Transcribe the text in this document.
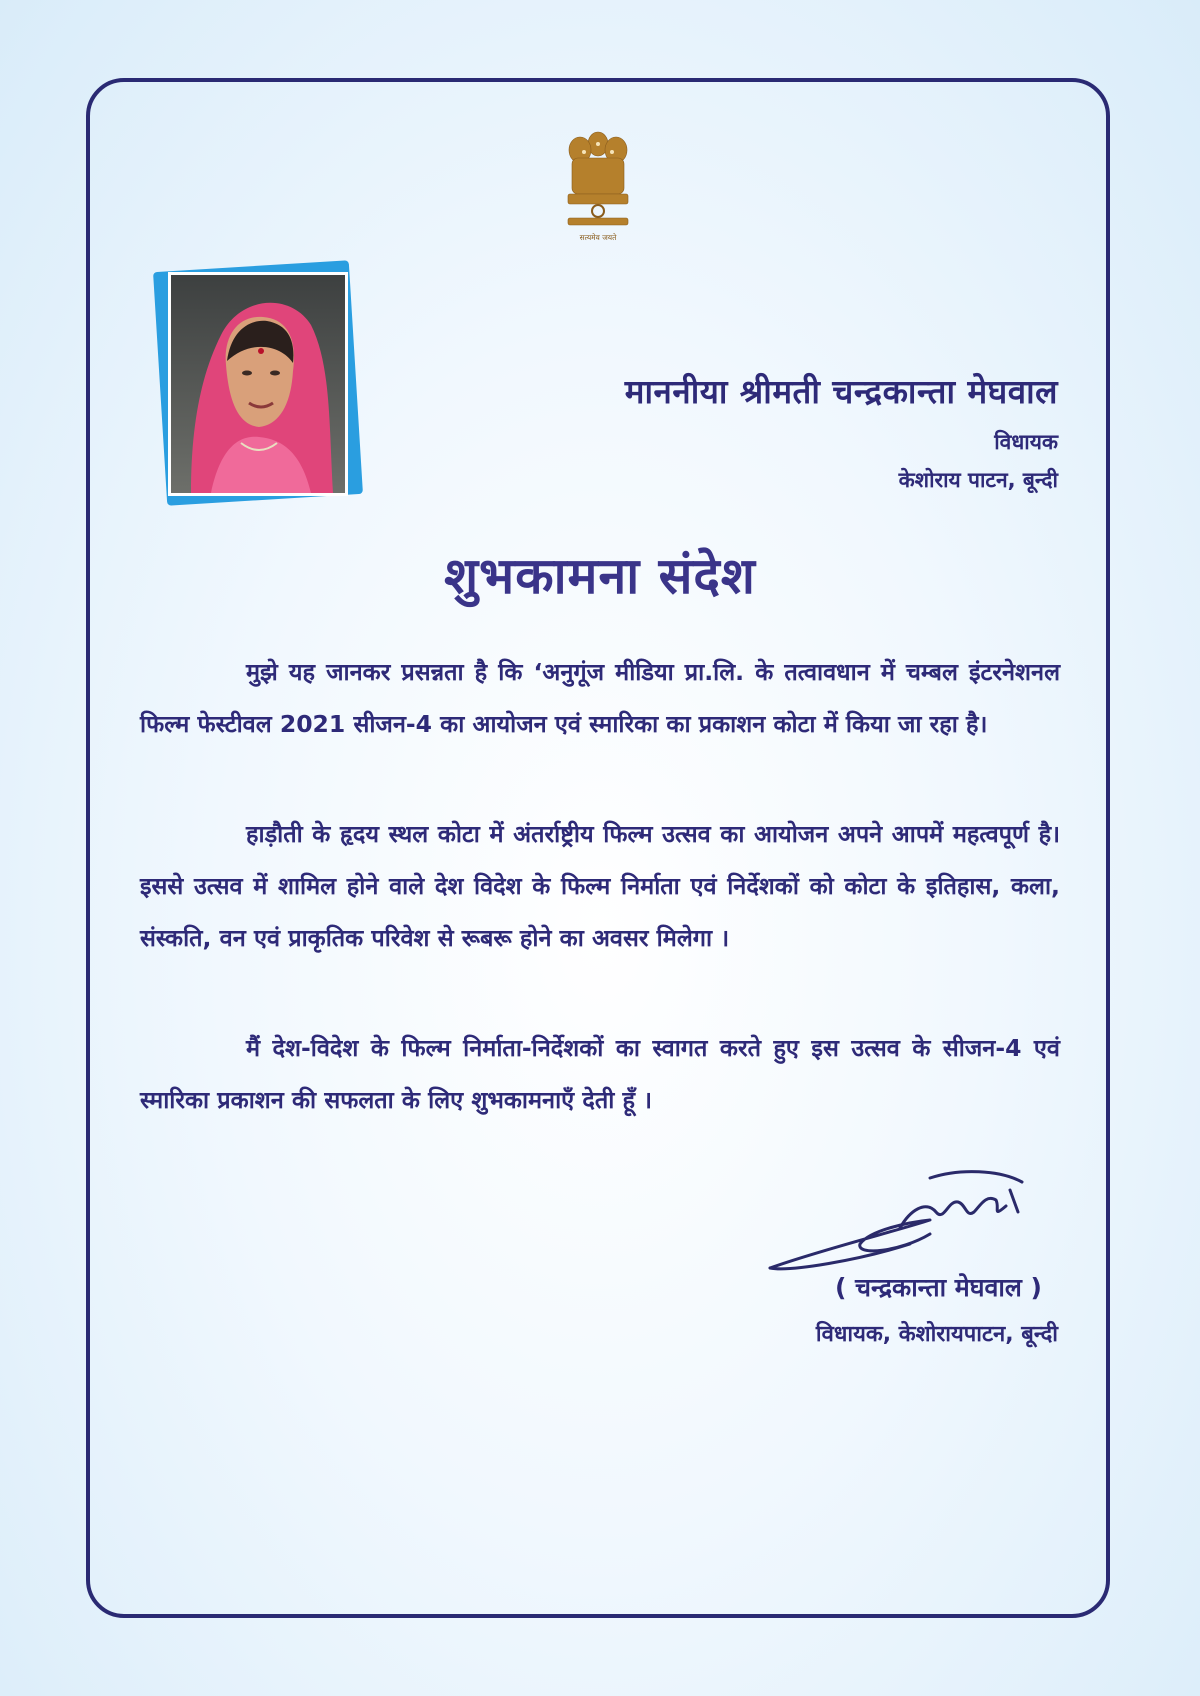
सत्यमेव जयते
माननीया श्रीमती चन्द्रकान्ता मेघवाल
विधायक
केशोराय पाटन, बून्दी
शुभकामना संदेश

मुझे यह जानकर प्रसन्नता है कि ‘अनुगूंज मीडिया प्रा.लि. के तत्वावधान में चम्बल इंटरनेशनल फिल्म फेस्टीवल 2021 सीजन-4 का आयोजन एवं स्मारिका का प्रकाशन कोटा में किया जा रहा है।

हाड़ौती के हृदय स्थल कोटा में अंतर्राष्ट्रीय फिल्म उत्सव का आयोजन अपने आपमें महत्वपूर्ण है। इससे उत्सव में शामिल होने वाले देश विदेश के फिल्म निर्माता एवं निर्देशकों को कोटा के इतिहास, कला, संस्कति, वन एवं प्राकृतिक परिवेश से रूबरू होने का अवसर मिलेगा ।

मैं देश-विदेश के फिल्म निर्माता-निर्देशकों का स्वागत करते हुए इस उत्सव के सीजन-4 एवं स्मारिका प्रकाशन की सफलता के लिए शुभकामनाएँ देती हूँ ।

( चन्द्रकान्ता मेघवाल )
विधायक, केशोरायपाटन, बून्दी
